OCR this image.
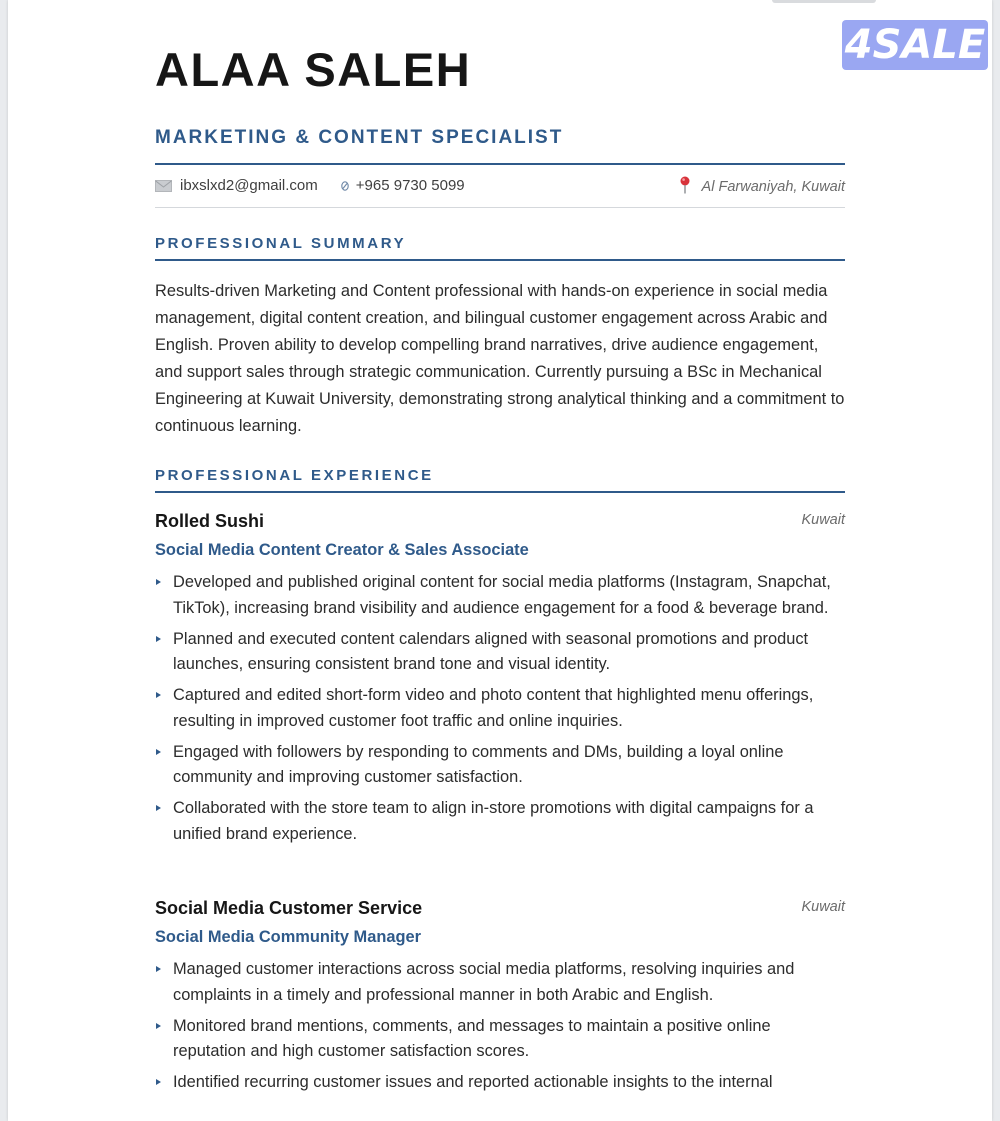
4SALE
ALAA SALEH
MARKETING & CONTENT SPECIALIST
ibxslxd2@gmail.com	+965 9730 5099	Al Farwaniyah, Kuwait
PROFESSIONAL SUMMARY

Results-driven Marketing and Content professional with hands-on experience in social media management, digital content creation, and bilingual customer engagement across Arabic and English. Proven ability to develop compelling brand narratives, drive audience engagement, and support sales through strategic communication. Currently pursuing a BSc in Mechanical Engineering at Kuwait University, demonstrating strong analytical thinking and a commitment to continuous learning.

PROFESSIONAL EXPERIENCE
Rolled Sushi	Kuwait
Social Media Content Creator & Sales Associate
Developed and published original content for social media platforms (Instagram, Snapchat, TikTok), increasing brand visibility and audience engagement for a food & beverage brand.
Planned and executed content calendars aligned with seasonal promotions and product launches, ensuring consistent brand tone and visual identity.
Captured and edited short-form video and photo content that highlighted menu offerings, resulting in improved customer foot traffic and online inquiries.
Engaged with followers by responding to comments and DMs, building a loyal online community and improving customer satisfaction.
Collaborated with the store team to align in-store promotions with digital campaigns for a unified brand experience.
Social Media Customer Service	Kuwait
Social Media Community Manager
Managed customer interactions across social media platforms, resolving inquiries and complaints in a timely and professional manner in both Arabic and English.
Monitored brand mentions, comments, and messages to maintain a positive online reputation and high customer satisfaction scores.
Identified recurring customer issues and reported actionable insights to the internal
